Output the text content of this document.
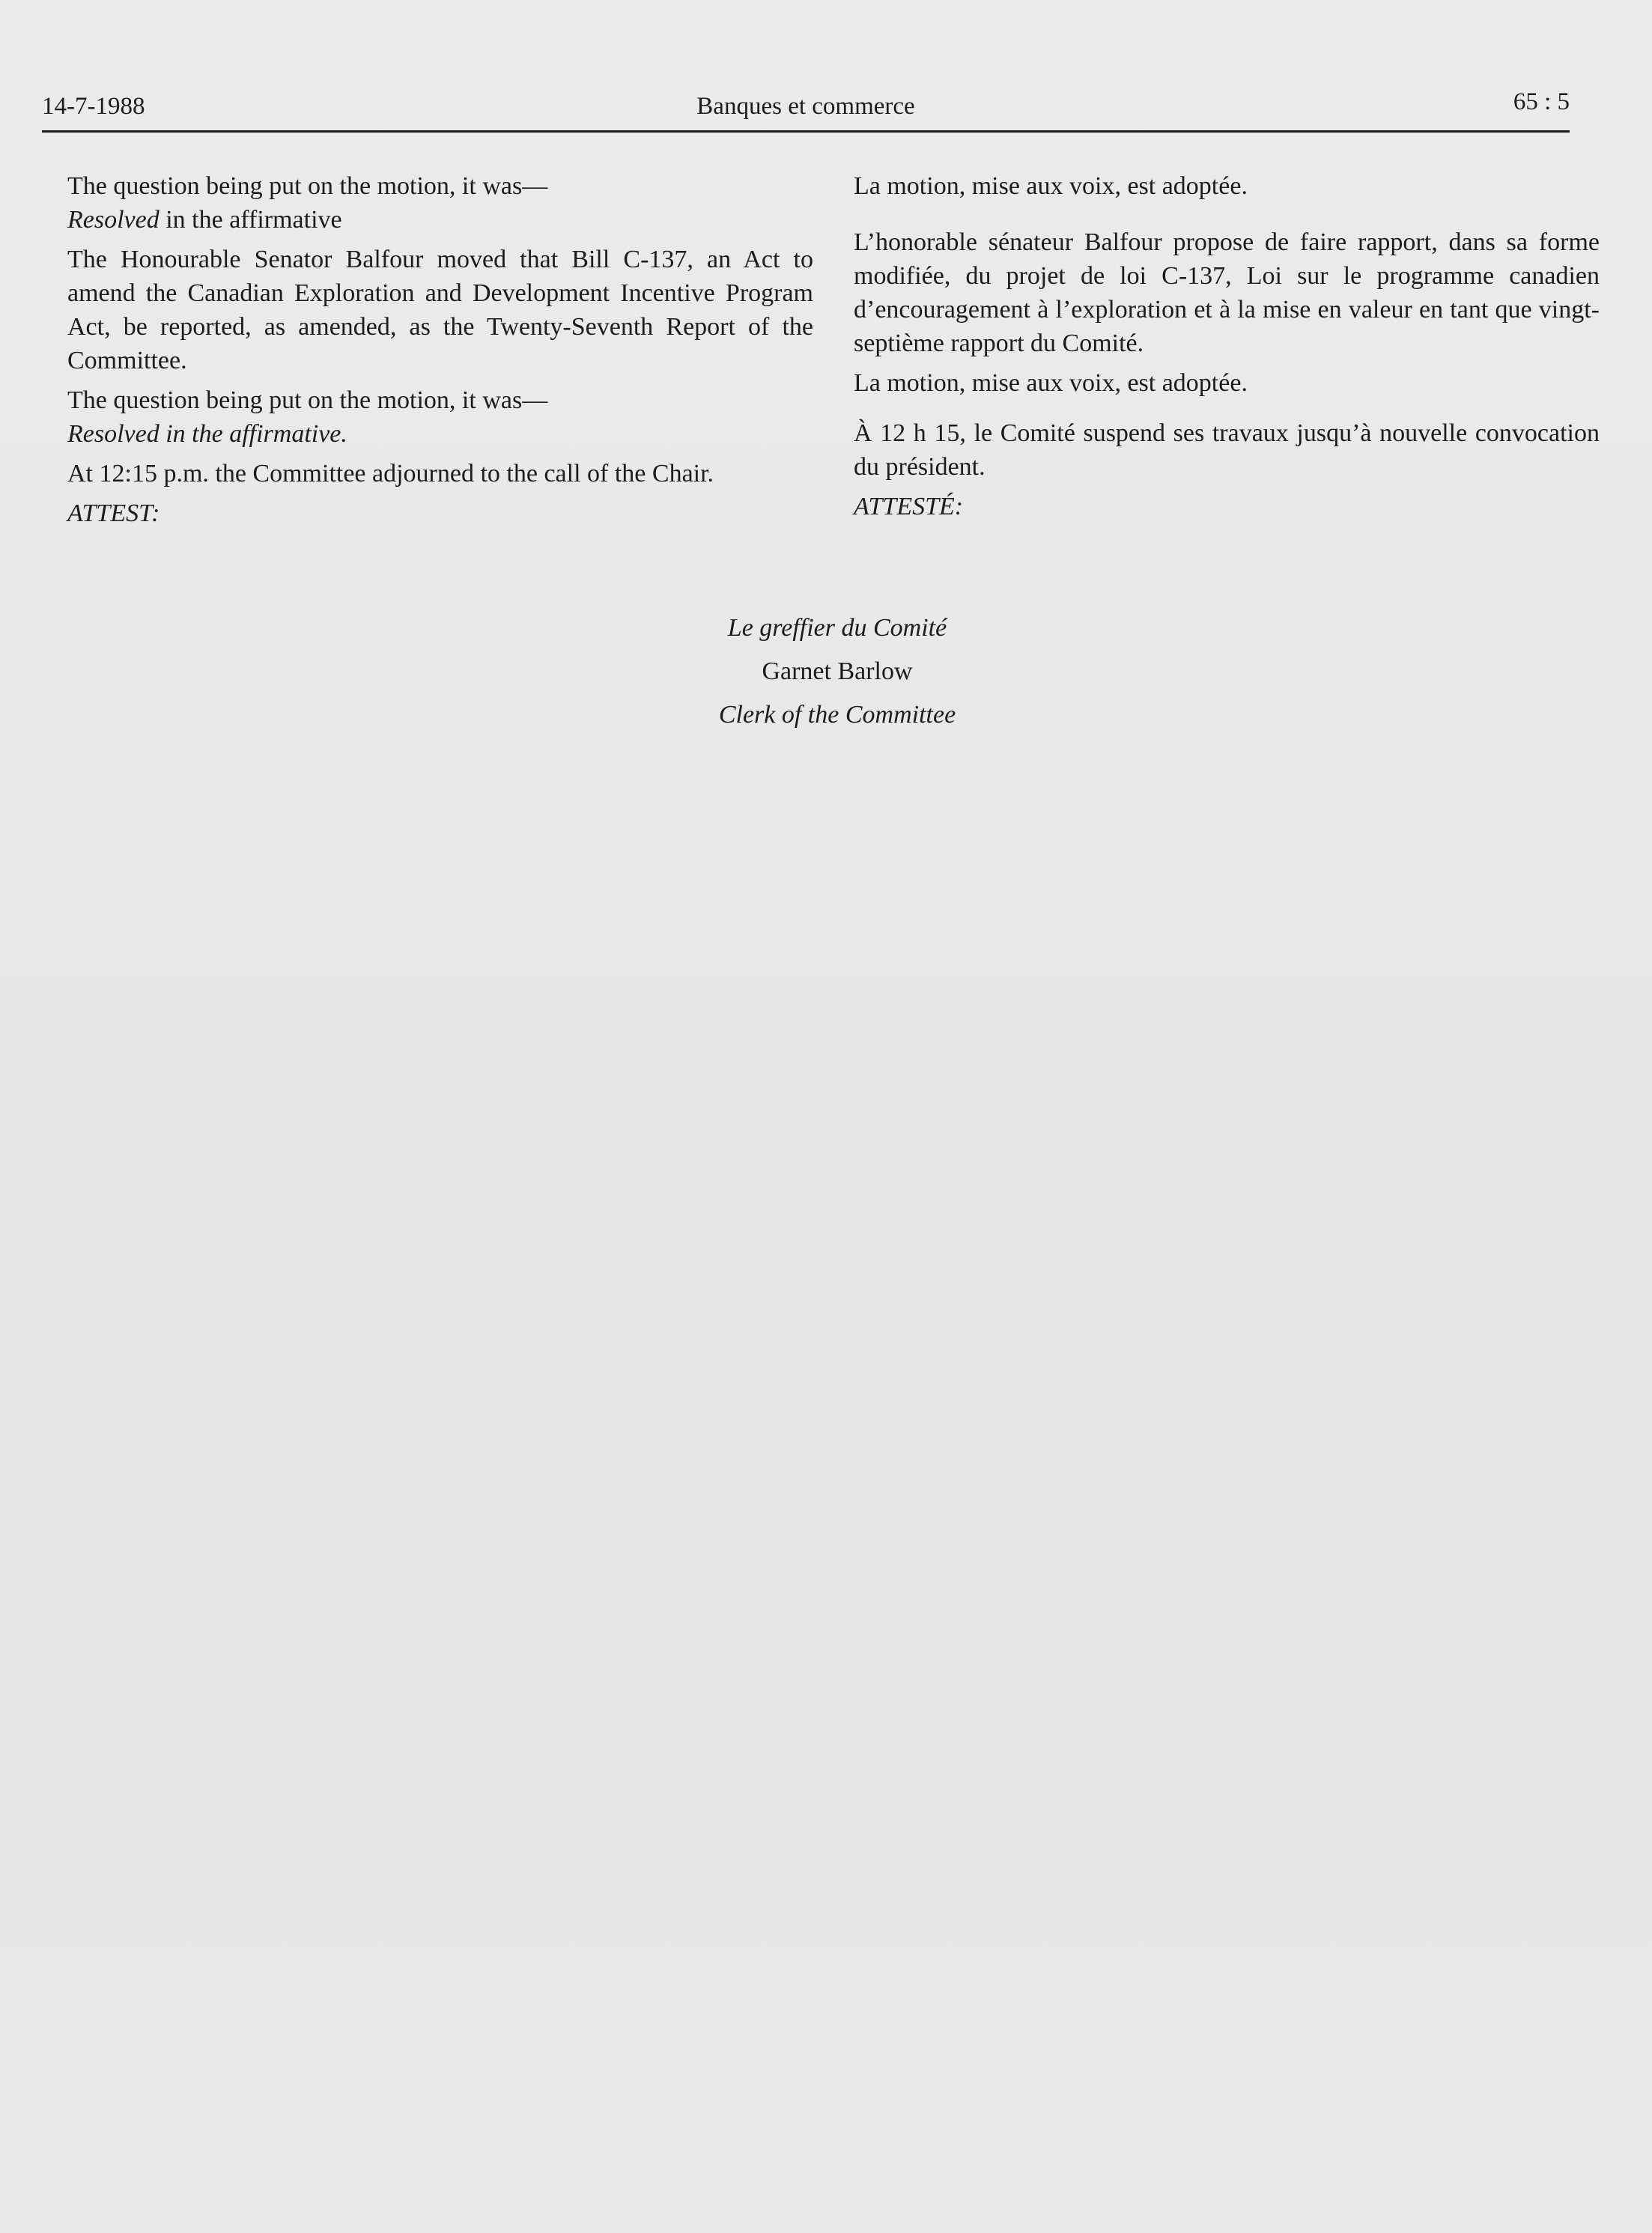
14-7-1988	Banques et commerce	65 : 5

The question being put on the motion, it was—
Resolved in the affirmative

The Honourable Senator Balfour moved that Bill C-137, an Act to amend the Canadian Exploration and Development Incentive Program Act, be reported, as amended, as the Twenty-Seventh Report of the Committee.

The question being put on the motion, it was—
Resolved in the affirmative.

At 12:15 p.m. the Committee adjourned to the call of the Chair.

ATTEST:

La motion, mise aux voix, est adoptée.

L’honorable sénateur Balfour propose de faire rapport, dans sa forme modifiée, du projet de loi C-137, Loi sur le programme canadien d’encouragement à l’exploration et à la mise en valeur en tant que vingt-septième rapport du Comité.

La motion, mise aux voix, est adoptée.

À 12 h 15, le Comité suspend ses travaux jusqu’à nouvelle convocation du président.

ATTESTÉ:

Le greffier du Comité
Garnet Barlow
Clerk of the Committee
